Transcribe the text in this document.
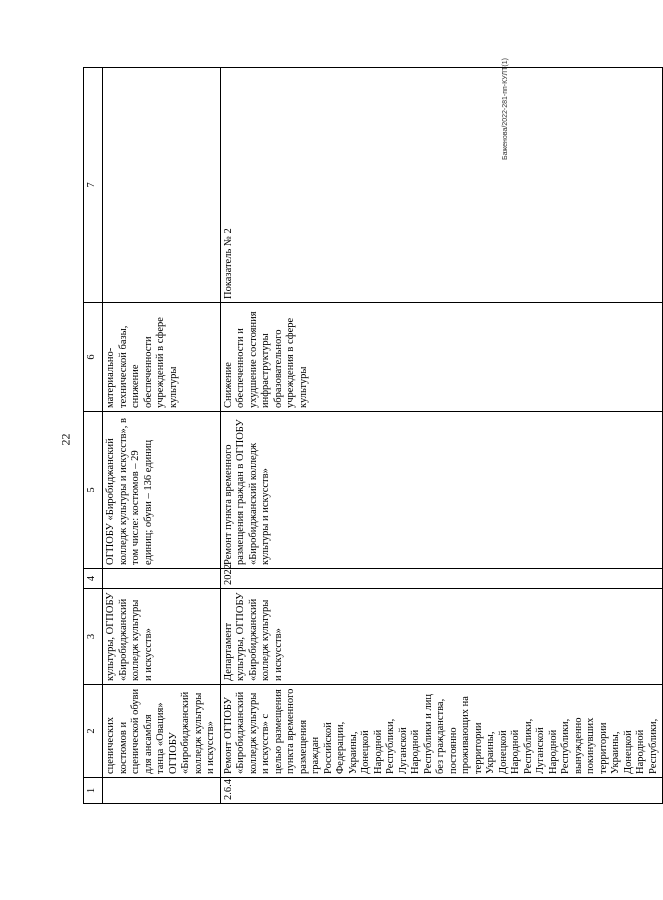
22
Баженова/2022-281-пп-КУЛТ(1)
1	2	3	4	5	6	7
	сценических костюмов и сценической обуви для ансамбля танца «Овация» ОГПОБУ «Биробиджанский колледж культуры и искусств»	культуры, ОГПОБУ «Биробиджанский колледж культуры и искусств»		ОГПОБУ «Биробиджанский колледж культуры и искусств», в том числе: костюмов – 29 единиц; обуви – 136 единиц	материально-технической базы, снижение обеспеченности учреждений в сфере культуры	
2.6.4	Ремонт ОГПОБУ «Биробиджанский колледж культуры и искусств» с целью размещения пункта временного размещения граждан Российской Федерации, Украины, Донецкой Народной Республики, Луганской Народной Республики и лиц без гражданства, постоянно проживающих на территории Украины, Донецкой Народной Республики, Луганской Народной Республики, вынужденно покинувших территории Украины, Донецкой Народной Республики,	Департамент культуры, ОГПОБУ «Биробиджанский колледж культуры и искусств»	2022	Ремонт пункта временного размещения граждан в ОГПОБУ «Биробиджанский колледж культуры и искусств»	Снижение обеспеченности и ухудшение состояния инфраструктуры образовательного учреждения в сфере культуры	Показатель № 2
